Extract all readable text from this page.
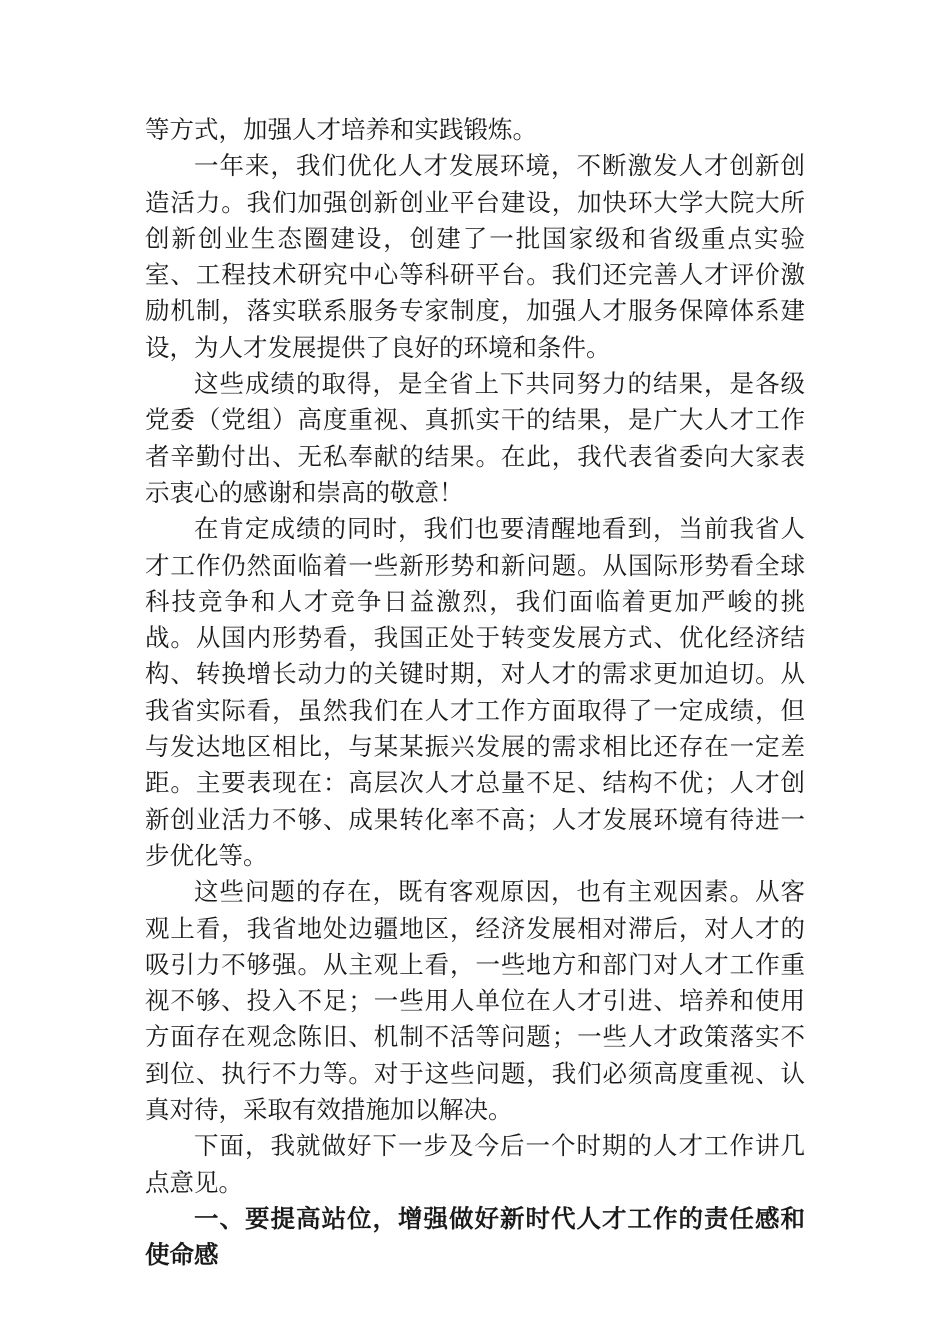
等方式，加强人才培养和实践锻炼。

一年来，我们优化人才发展环境，不断激发人才创新创造活力。我们加强创新创业平台建设，加快环大学大院大所创新创业生态圈建设，创建了一批国家级和省级重点实验室、工程技术研究中心等科研平台。我们还完善人才评价激励机制，落实联系服务专家制度，加强人才服务保障体系建设，为人才发展提供了良好的环境和条件。

这些成绩的取得，是全省上下共同努力的结果，是各级党委（党组）高度重视、真抓实干的结果，是广大人才工作者辛勤付出、无私奉献的结果。在此，我代表省委向大家表示衷心的感谢和崇高的敬意！

在肯定成绩的同时，我们也要清醒地看到，当前我省人才工作仍然面临着一些新形势和新问题。从国际形势看全球科技竞争和人才竞争日益激烈，我们面临着更加严峻的挑战。从国内形势看，我国正处于转变发展方式、优化经济结构、转换增长动力的关键时期，对人才的需求更加迫切。从我省实际看，虽然我们在人才工作方面取得了一定成绩，但与发达地区相比，与某某振兴发展的需求相比还存在一定差距。主要表现在：高层次人才总量不足、结构不优；人才创新创业活力不够、成果转化率不高；人才发展环境有待进一步优化等。

这些问题的存在，既有客观原因，也有主观因素。从客观上看，我省地处边疆地区，经济发展相对滞后，对人才的吸引力不够强。从主观上看，一些地方和部门对人才工作重视不够、投入不足；一些用人单位在人才引进、培养和使用方面存在观念陈旧、机制不活等问题；一些人才政策落实不到位、执行不力等。对于这些问题，我们必须高度重视、认真对待，采取有效措施加以解决。

下面，我就做好下一步及今后一个时期的人才工作讲几点意见。

一、要提高站位，增强做好新时代人才工作的责任感和使命感
